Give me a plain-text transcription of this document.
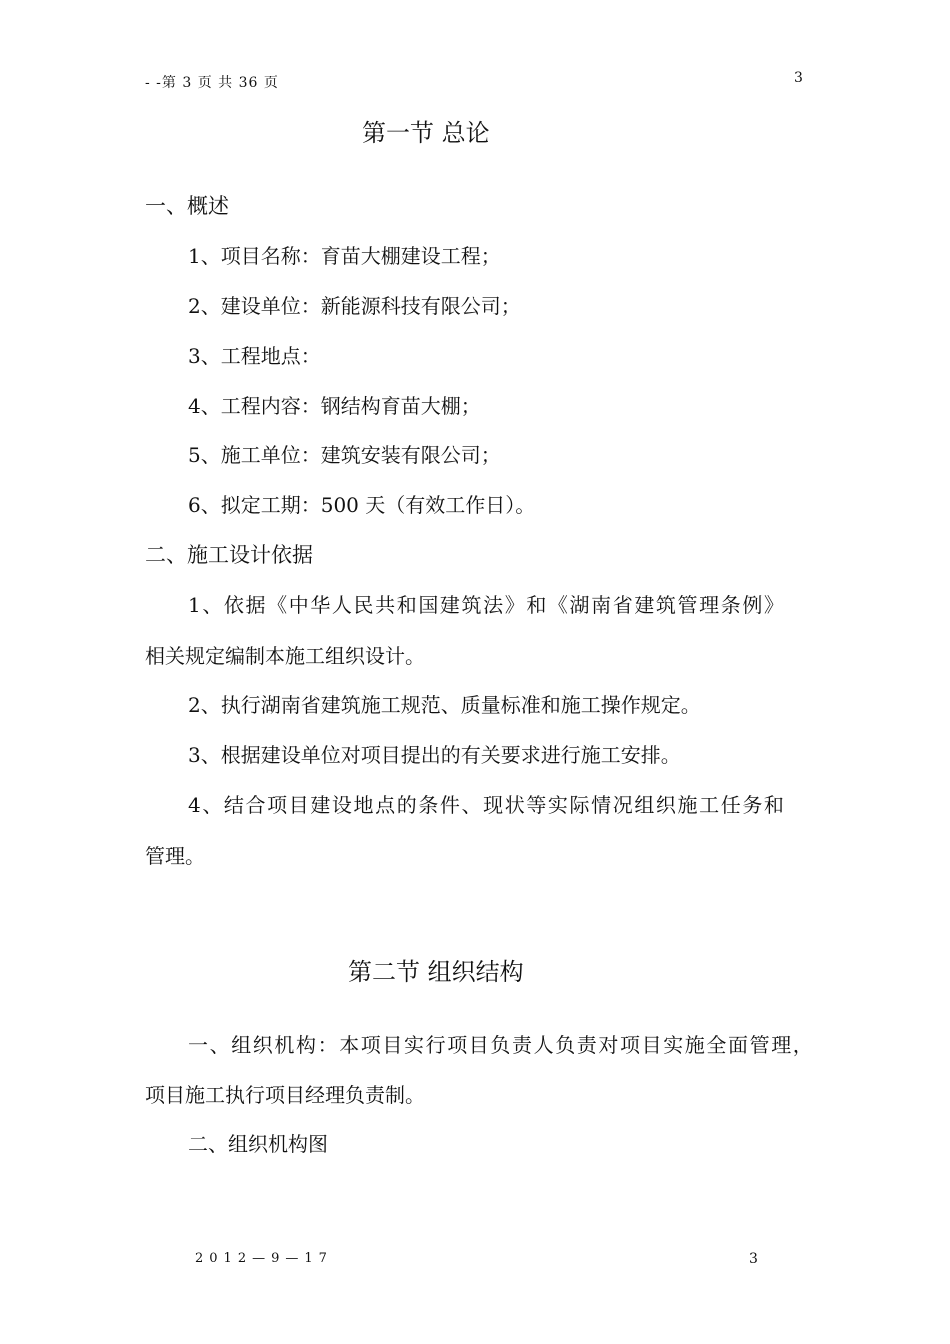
- -第 3 页 共 36 页	3
第一节 总论
一、概述
1、项目名称：育苗大棚建设工程；
2、建设单位：新能源科技有限公司；
3、工程地点：
4、工程内容：钢结构育苗大棚；
5、施工单位：建筑安装有限公司；
6、拟定工期：500 天（有效工作日）。
二、施工设计依据
1、依据《中华人民共和国建筑法》和《湖南省建筑管理条例》
相关规定编制本施工组织设计。
2、执行湖南省建筑施工规范、质量标准和施工操作规定。
3、根据建设单位对项目提出的有关要求进行施工安排。
4、结合项目建设地点的条件、现状等实际情况组织施工任务和
管理。
第二节 组织结构
一、组织机构：本项目实行项目负责人负责对项目实施全面管理，
项目施工执行项目经理负责制。
二、组织机构图
2012—9—17	3
